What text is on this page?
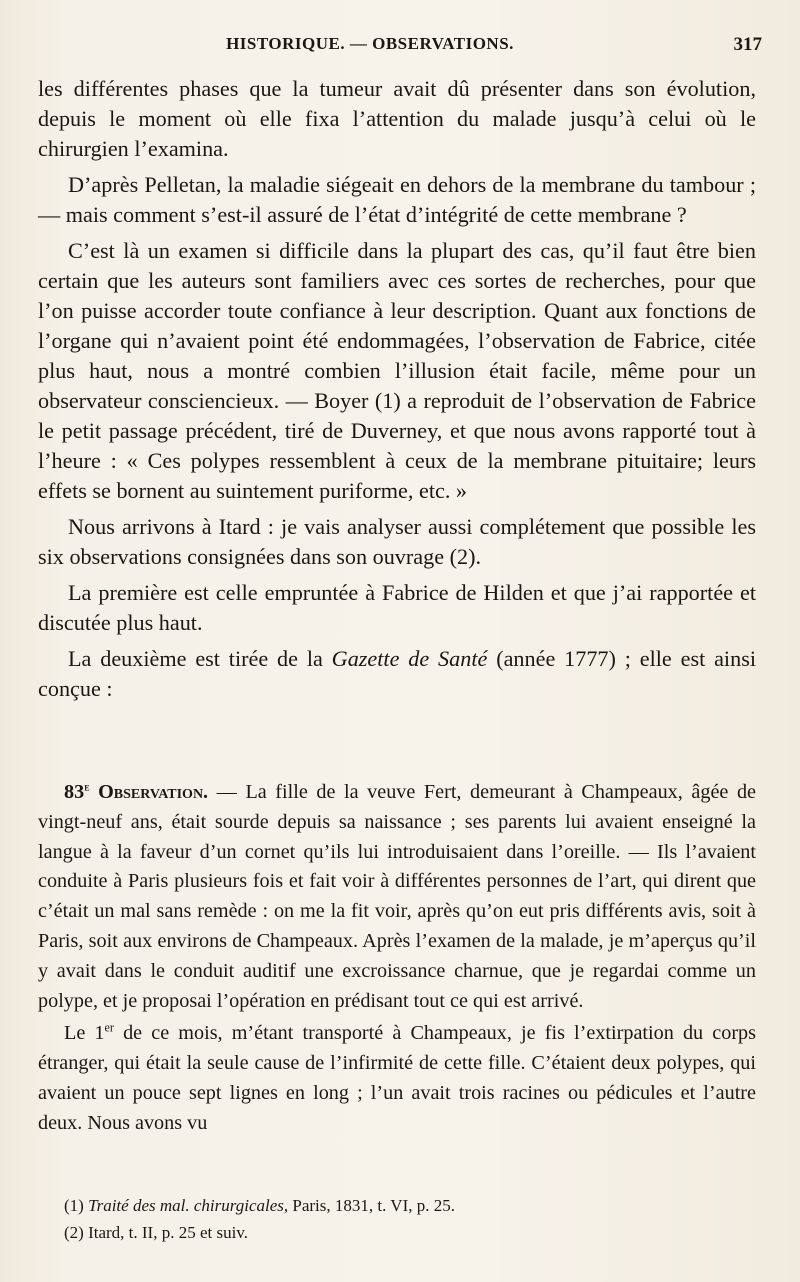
HISTORIQUE. — OBSERVATIONS.	317

les différentes phases que la tumeur avait dû présenter dans son évolution, depuis le moment où elle fixa l’attention du malade jusqu’à celui où le chirurgien l’examina.

D’après Pelletan, la maladie siégeait en dehors de la membrane du tambour ; — mais comment s’est-il assuré de l’état d’intégrité de cette membrane ?

C’est là un examen si difficile dans la plupart des cas, qu’il faut être bien certain que les auteurs sont familiers avec ces sortes de recherches, pour que l’on puisse accorder toute confiance à leur description. Quant aux fonctions de l’organe qui n’avaient point été endommagées, l’observation de Fabrice, citée plus haut, nous a montré combien l’illusion était facile, même pour un observateur consciencieux. — Boyer (1) a reproduit de l’observation de Fabrice le petit passage précédent, tiré de Duverney, et que nous avons rapporté tout à l’heure : « Ces polypes ressemblent à ceux de la membrane pituitaire; leurs effets se bornent au suintement puriforme, etc. »

Nous arrivons à Itard : je vais analyser aussi complétement que possible les six observations consignées dans son ouvrage (2).

La première est celle empruntée à Fabrice de Hilden et que j’ai rapportée et discutée plus haut.

La deuxième est tirée de la Gazette de Santé (année 1777) ; elle est ainsi conçue :

83e Observation. — La fille de la veuve Fert, demeurant à Champeaux, âgée de vingt-neuf ans, était sourde depuis sa naissance ; ses parents lui avaient enseigné la langue à la faveur d’un cornet qu’ils lui introduisaient dans l’oreille. — Ils l’avaient conduite à Paris plusieurs fois et fait voir à différentes personnes de l’art, qui dirent que c’était un mal sans remède : on me la fit voir, après qu’on eut pris différents avis, soit à Paris, soit aux environs de Champeaux. Après l’examen de la malade, je m’aperçus qu’il y avait dans le conduit auditif une excroissance charnue, que je regardai comme un polype, et je proposai l’opération en prédisant tout ce qui est arrivé.

Le 1er de ce mois, m’étant transporté à Champeaux, je fis l’extirpation du corps étranger, qui était la seule cause de l’infirmité de cette fille. C’étaient deux polypes, qui avaient un pouce sept lignes en long ; l’un avait trois racines ou pédicules et l’autre deux. Nous avons vu

(1) Traité des mal. chirurgicales, Paris, 1831, t. VI, p. 25.
(2) Itard, t. II, p. 25 et suiv.
